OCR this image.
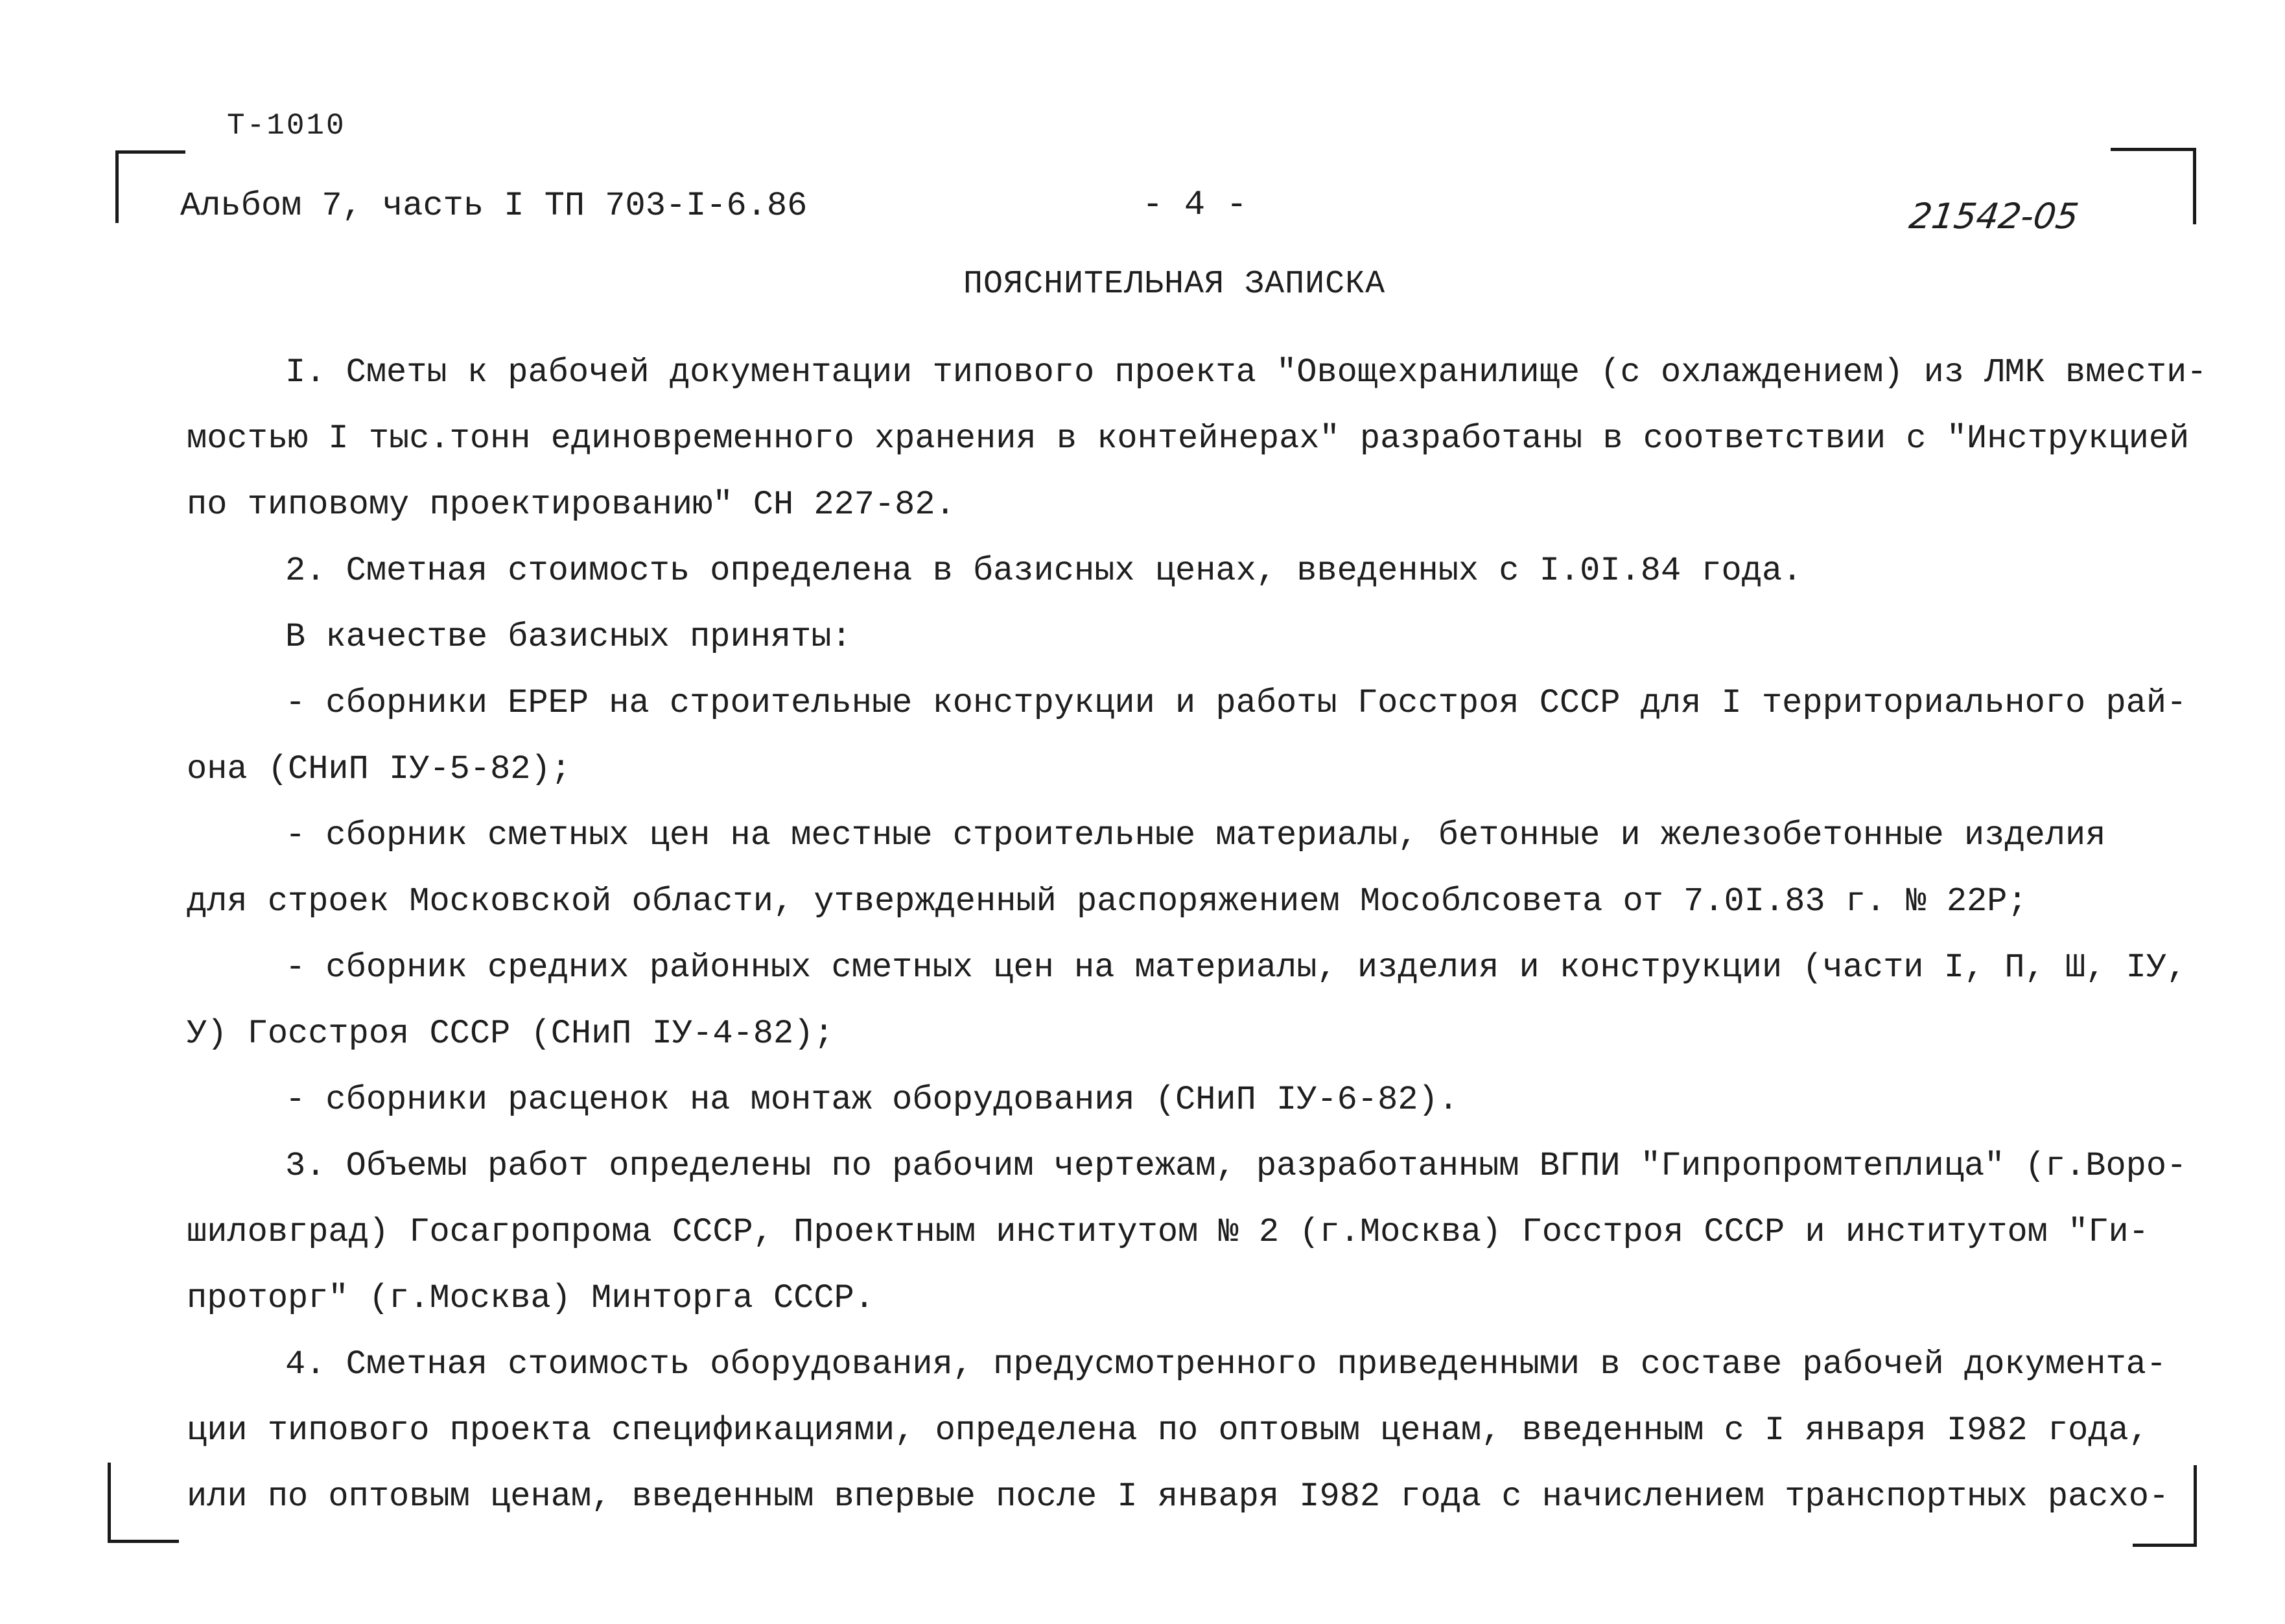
Т-1010
Альбом 7, часть I ТП 703-I-6.86	- 4 -	21542-05
ПОЯСНИТЕЛЬНАЯ ЗАПИСКА
I. Сметы к рабочей документации типового проекта "Овощехранилище (с охлаждением) из ЛМК вмести-
мостью I тыс.тонн единовременного хранения в контейнерах" разработаны в соответствии с "Инструкцией
по типовому проектированию" СН 227-82.
2. Сметная стоимость определена в базисных ценах, введенных с I.0I.84 года.
В качестве базисных приняты:
- сборники ЕРЕР на строительные конструкции и работы Госстроя СССР для I территориального рай-
она (СНиП IУ-5-82);
- сборник сметных цен на местные строительные материалы, бетонные и железобетонные изделия
для строек Московской области, утвержденный распоряжением Мособлсовета от 7.0I.83 г. № 22Р;
- сборник средних районных сметных цен на материалы, изделия и конструкции (части I, П, Ш, IУ,
У) Госстроя СССР (СНиП IУ-4-82);
- сборники расценок на монтаж оборудования (СНиП IУ-6-82).
3. Объемы работ определены по рабочим чертежам, разработанным ВГПИ "Гипропромтеплица" (г.Воро-
шиловград) Госагропрома СССР, Проектным институтом № 2 (г.Москва) Госстроя СССР и институтом "Ги-
проторг" (г.Москва) Минторга СССР.
4. Сметная стоимость оборудования, предусмотренного приведенными в составе рабочей документа-
ции типового проекта спецификациями, определена по оптовым ценам, введенным с I января I982 года,
или по оптовым ценам, введенным впервые после I января I982 года с начислением транспортных расхо-
